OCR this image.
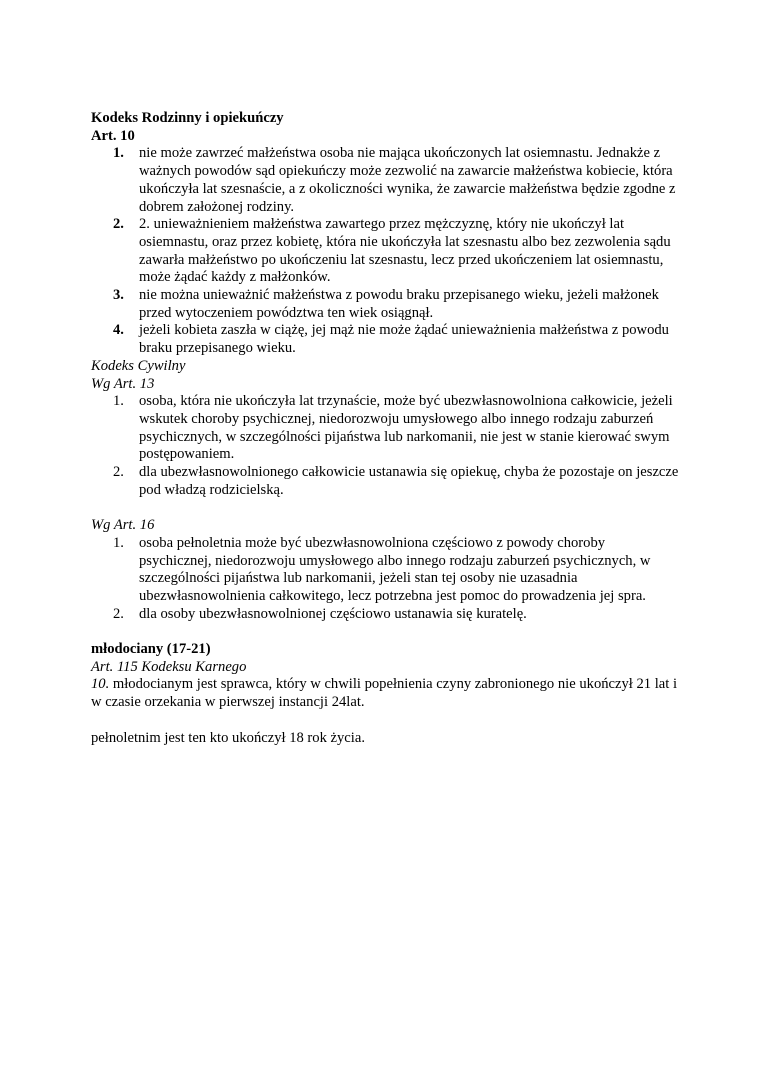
Kodeks Rodzinny i opiekuńczy
Art. 10
1. nie może zawrzeć małżeństwa osoba nie mająca ukończonych lat osiemnastu. Jednakże z ważnych powodów sąd opiekuńczy może zezwolić na zawarcie małżeństwa kobiecie, która ukończyła lat szesnaście, a z okoliczności wynika, że zawarcie małżeństwa będzie zgodne z dobrem założonej rodziny.
2. 2. unieważnieniem małżeństwa zawartego przez mężczyznę, który nie ukończył lat osiemnastu, oraz przez kobietę, która nie ukończyła lat szesnastu albo bez zezwolenia sądu zawarła małżeństwo po ukończeniu lat szesnastu, lecz przed ukończeniem lat osiemnastu, może żądać każdy z małżonków.
3. nie można unieważnić małżeństwa z powodu braku przepisanego wieku, jeżeli małżonek przed wytoczeniem powództwa ten wiek osiągnął.
4. jeżeli kobieta zaszła w ciążę, jej mąż nie może żądać unieważnienia małżeństwa z powodu braku przepisanego wieku.
Kodeks Cywilny
Wg Art. 13
1. osoba, która nie ukończyła lat trzynaście, może być ubezwłasnowolniona całkowicie, jeżeli wskutek choroby psychicznej, niedorozwoju umysłowego albo innego rodzaju zaburzeń psychicznych, w szczególności pijaństwa lub narkomanii, nie jest w stanie kierować swym postępowaniem.
2. dla ubezwłasnowolnionego całkowicie ustanawia się opiekuę, chyba że pozostaje on jeszcze pod władzą rodzicielską.
Wg Art. 16
1. osoba pełnoletnia może być ubezwłasnowolniona częściowo z powody choroby psychicznej, niedorozwoju umysłowego albo innego rodzaju zaburzeń psychicznych, w szczególności pijaństwa lub narkomanii, jeżeli stan tej osoby nie uzasadnia ubezwłasnowolnienia całkowitego, lecz potrzebna jest pomoc do prowadzenia jej spra.
2. dla osoby ubezwłasnowolnionej częściowo ustanawia się kuratelę.
młodociany (17-21)
Art. 115 Kodeksu Karnego
10. młodocianym jest sprawca, który w chwili popełnienia czyny zabronionego nie ukończył 21 lat i w czasie orzekania w pierwszej instancji 24lat.
pełnoletnim jest ten kto ukończył 18 rok życia.
